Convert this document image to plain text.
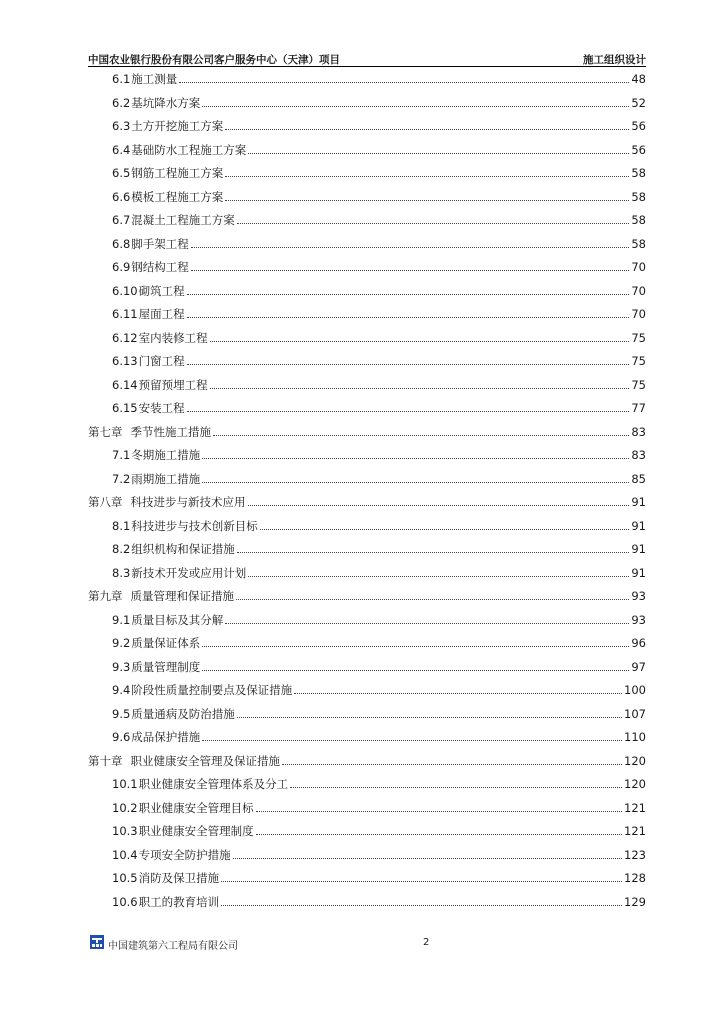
中国农业银行股份有限公司客户服务中心（天津）项目	施工组织设计
6.1 施工测量	48
6.2 基坑降水方案	52
6.3 土方开挖施工方案	56
6.4 基础防水工程施工方案	56
6.5 钢筋工程施工方案	58
6.6 模板工程施工方案	58
6.7 混凝土工程施工方案	58
6.8 脚手架工程	58
6.9 钢结构工程	70
6.10 砌筑工程	70
6.11 屋面工程	70
6.12 室内装修工程	75
6.13 门窗工程	75
6.14 预留预埋工程	75
6.15 安装工程	77
第七章 季节性施工措施	83
7.1 冬期施工措施	83
7.2 雨期施工措施	85
第八章 科技进步与新技术应用	91
8.1 科技进步与技术创新目标	91
8.2 组织机构和保证措施	91
8.3 新技术开发或应用计划	91
第九章 质量管理和保证措施	93
9.1 质量目标及其分解	93
9.2 质量保证体系	96
9.3 质量管理制度	97
9.4 阶段性质量控制要点及保证措施	100
9.5 质量通病及防治措施	107
9.6 成品保护措施	110
第十章 职业健康安全管理及保证措施	120
10.1 职业健康安全管理体系及分工	120
10.2 职业健康安全管理目标	121
10.3 职业健康安全管理制度	121
10.4 专项安全防护措施	123
10.5 消防及保卫措施	128
10.6 职工的教育培训	129
中国建筑第六工程局有限公司	2
